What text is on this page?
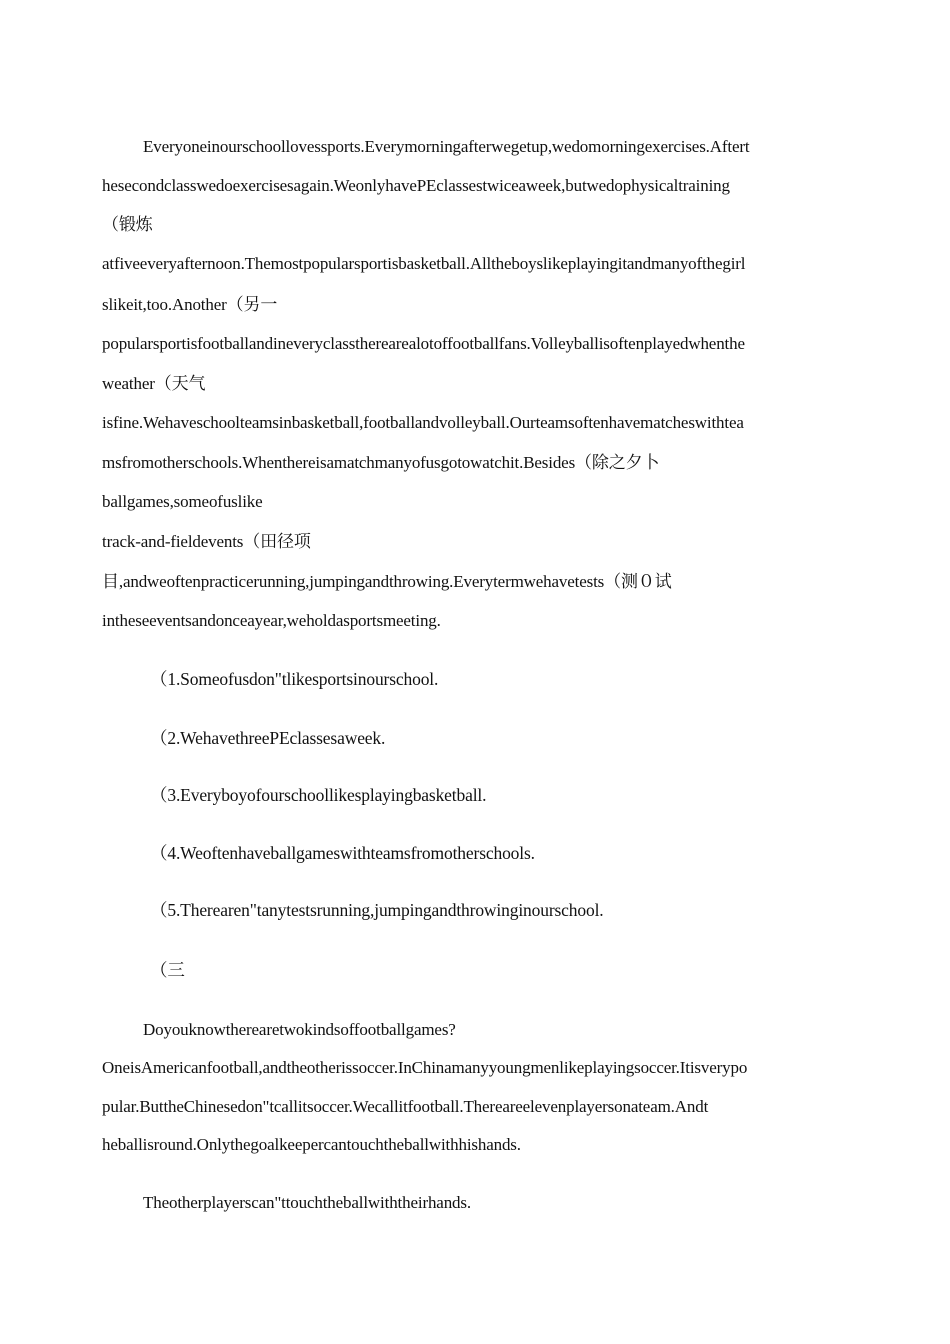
Everyoneinourschoollovessports.Everymorningafterwegetup,wedomorningexercises.Aftert
hesecondclasswedoexercisesagain.WeonlyhavePEclassestwiceaweek,butwedophysicaltraining
（锻炼
atfiveeveryafternoon.Themostpopularsportisbasketball.Alltheboyslikeplayingitandmanyofthegirl
slikeit,too.Another（另一
popularsportisfootballandineveryclasstherearealotoffootballfans.Volleyballisoftenplayedwhenthe
weather（天气
isfine.Wehaveschoolteamsinbasketball,footballandvolleyball.Ourteamsoftenhavematcheswithtea
msfromotherschools.Whenthereisamatchmanyofusgotowatchit.Besides（除之夕卜
ballgames,someofuslike
track-and-fieldevents（田径项
目,andweoftenpracticerunning,jumpingandthrowing.Everytermwehavetests（测０试
intheseeventsandonceayear,weholdasportsmeeting.
（1.Someofusdon"tlikesportsinourschool.
（2.WehavethreePEclassesaweek.
（3.Everyboyofourschoollikesplayingbasketball.
（4.Weoftenhaveballgameswithteamsfromotherschools.
（5.Therearen"tanytestsrunning,jumpingandthrowinginourschool.
（三
Doyouknowtherearetwokindsoffootballgames?
OneisAmericanfootball,andtheotherissoccer.InChinamanyyoungmenlikeplayingsoccer.Itisverypo
pular.ButtheChinesedon"tcallitsoccer.Wecallitfootball.Thereareelevenplayersonateam.Andt
heballisround.Onlythegoalkeepercantouchtheballwithhishands.
Theotherplayerscan"ttouchtheballwiththeirhands.
